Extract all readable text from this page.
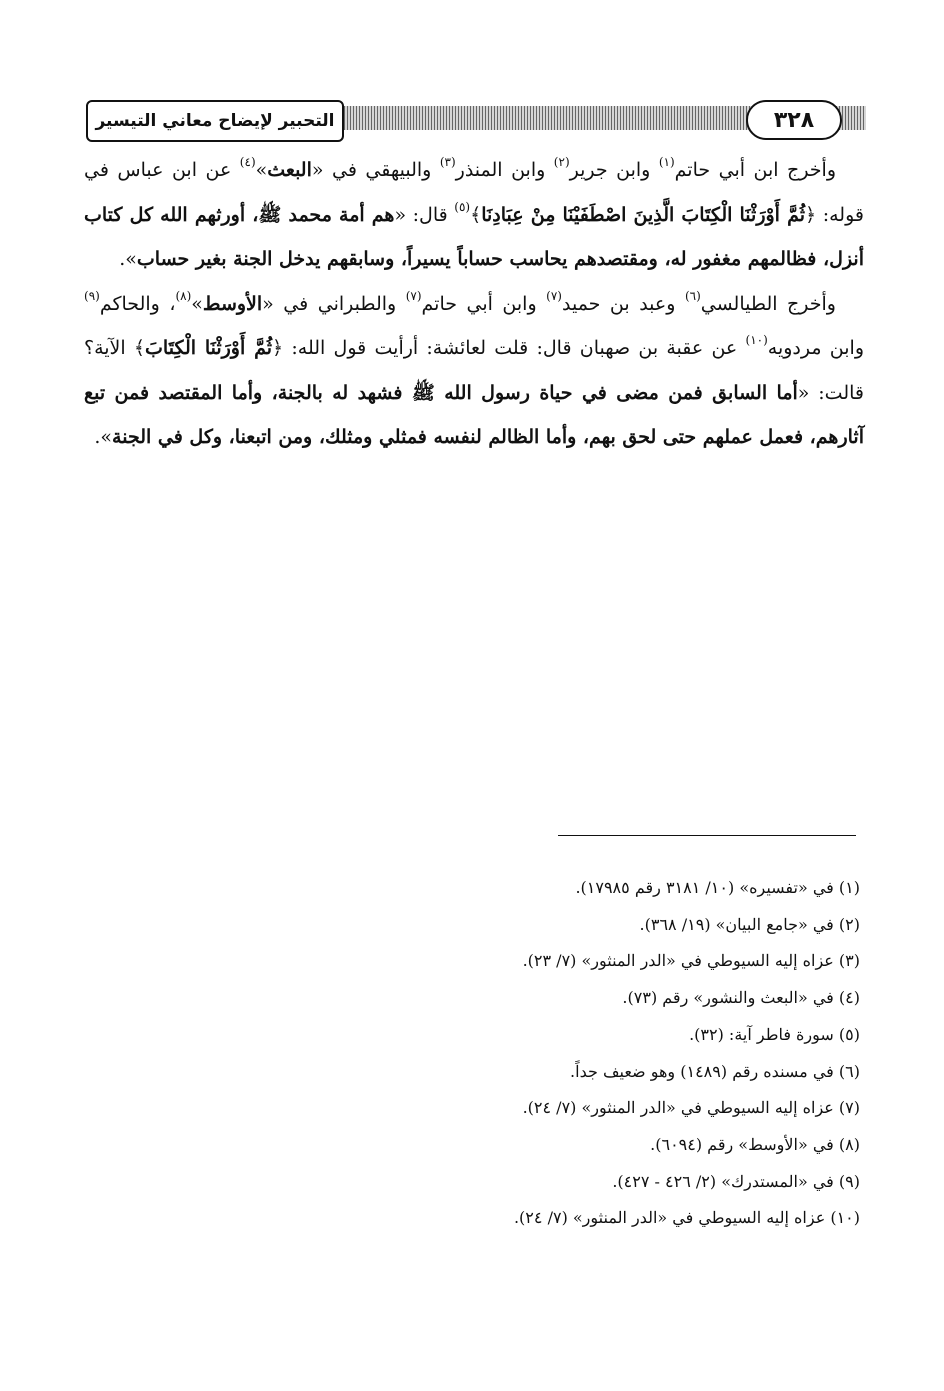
التحبير لإيضاح معاني التيسير	٣٢٨

وأخرج ابن أبي حاتم$^{(١)}$ وابن جرير$^{(٢)}$ وابن المنذر$^{(٣)}$ والبيهقي في «البعث»$^{(٤)}$ عن ابن عباس في قوله: ﴿ثُمَّ أَوْرَثْنَا الْكِتَابَ الَّذِينَ اصْطَفَيْنَا مِنْ عِبَادِنَا﴾$^{(٥)}$ قال: «هم أمة محمد ﷺ، أورثهم الله كل كتاب أنزل، فظالمهم مغفور له، ومقتصدهم يحاسب حساباً يسيراً، وسابقهم يدخل الجنة بغير حساب».

وأخرج الطيالسي$^{(٦)}$ وعبد بن حميد$^{(٧)}$ وابن أبي حاتم$^{(٧)}$ والطبراني في «الأوسط»$^{(٨)}$، والحاكم$^{(٩)}$ وابن مردويه$^{(١٠)}$ عن عقبة بن صهبان قال: قلت لعائشة: أرأيت قول الله: ﴿ثُمَّ أَوْرَثْنَا الْكِتَابَ﴾ الآية؟ قالت: «أما السابق فمن مضى في حياة رسول الله ﷺ فشهد له بالجنة، وأما المقتصد فمن تبع آثارهم، فعمل عملهم حتى لحق بهم، وأما الظالم لنفسه فمثلي ومثلك، ومن اتبعنا، وكل في الجنة».

(١) في «تفسيره» (١٠/ ٣١٨١ رقم ١٧٩٨٥).

(٢) في «جامع البيان» (١٩/ ٣٦٨).

(٣) عزاه إليه السيوطي في «الدر المنثور» (٧/ ٢٣).

(٤) في «البعث والنشور» رقم (٧٣).

(٥) سورة فاطر آية: (٣٢).

(٦) في مسنده رقم (١٤٨٩) وهو ضعيف جداً.

(٧) عزاه إليه السيوطي في «الدر المنثور» (٧/ ٢٤).

(٨) في «الأوسط» رقم (٦٠٩٤).

(٩) في «المستدرك» (٢/ ٤٢٦ - ٤٢٧).

(١٠) عزاه إليه السيوطي في «الدر المنثور» (٧/ ٢٤).
